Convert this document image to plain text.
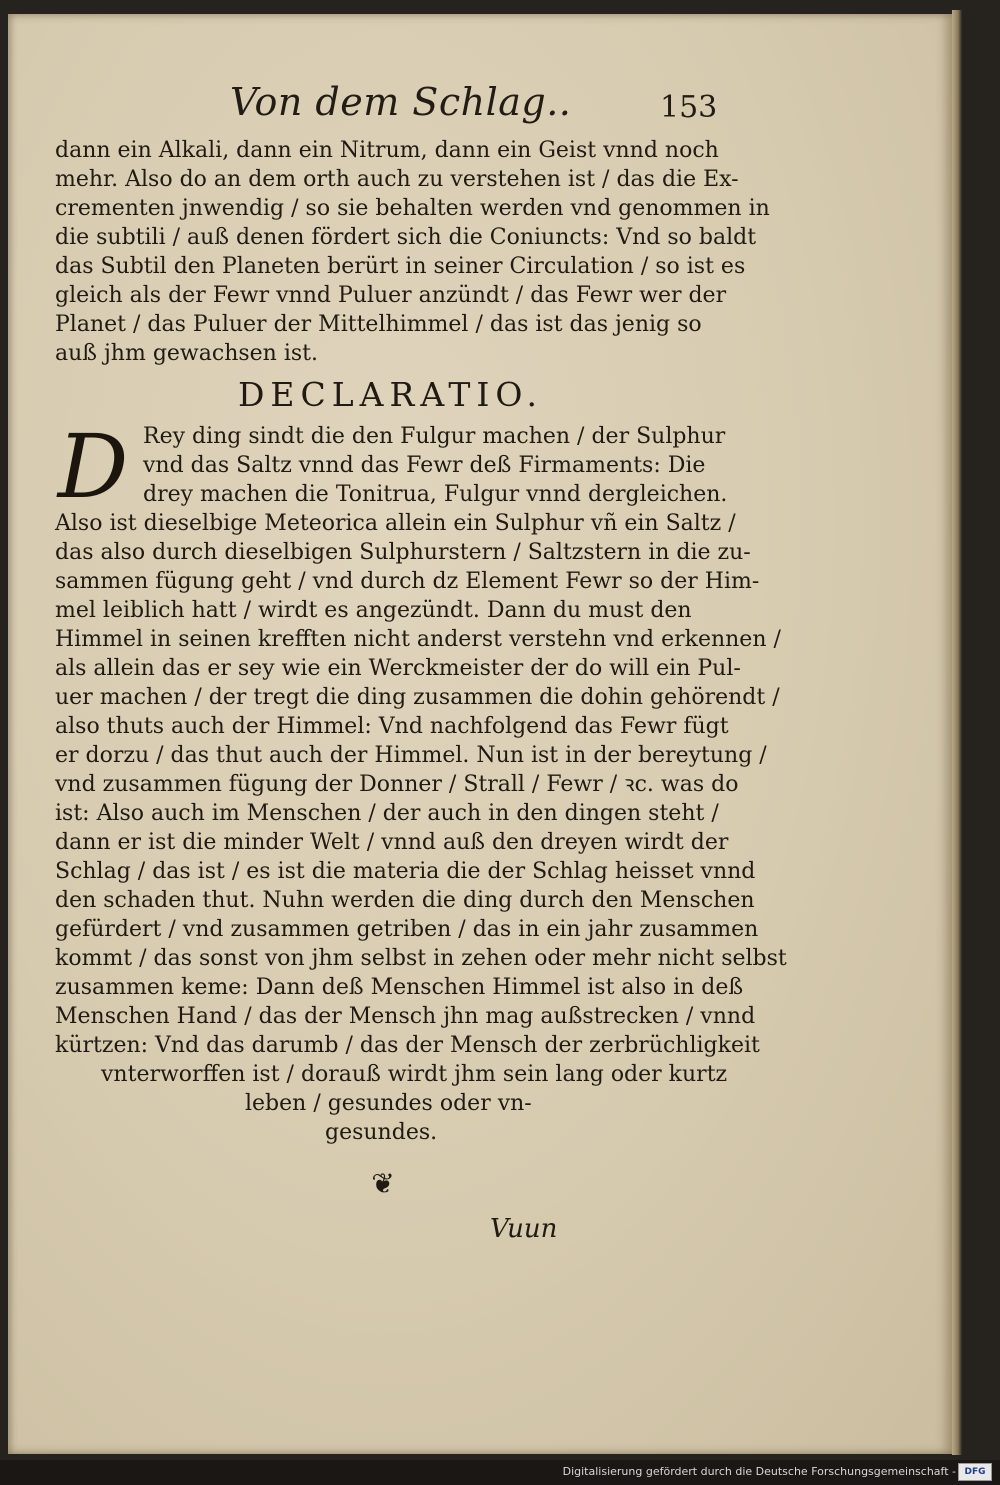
Von dem Schlag..	153
dann ein Alkali, dann ein Nitrum, dann ein Geist vnnd noch
mehr. Also do an dem orth auch zu verstehen ist / das die Ex-
crementen jnwendig / so sie behalten werden vnd genommen in
die subtili / auß denen fördert sich die Coniuncts: Vnd so baldt
das Subtil den Planeten berürt in seiner Circulation / so ist es
gleich als der Fewr vnnd Puluer anzündt / das Fewr wer der
Planet / das Puluer der Mittelhimmel / das ist das jenig so
auß jhm gewachsen ist.
DECLARATIO.
D Rey ding sindt die den Fulgur machen / der Sulphur
vnd das Saltz vnnd das Fewr deß Firmaments: Die
drey machen die Tonitrua, Fulgur vnnd dergleichen.
Also ist dieselbige Meteorica allein ein Sulphur vñ ein Saltz /
das also durch dieselbigen Sulphurstern / Saltzstern in die zu-
sammen fügung geht / vnd durch dz Element Fewr so der Him-
mel leiblich hatt / wirdt es angezündt. Dann du must den
Himmel in seinen krefften nicht anderst verstehn vnd erkennen /
als allein das er sey wie ein Werckmeister der do will ein Pul-
uer machen / der tregt die ding zusammen die dohin gehörendt /
also thuts auch der Himmel: Vnd nachfolgend das Fewr fügt
er dorzu / das thut auch der Himmel. Nun ist in der bereytung /
vnd zusammen fügung der Donner / Strall / Fewr / ꝛc. was do
ist: Also auch im Menschen / der auch in den dingen steht /
dann er ist die minder Welt / vnnd auß den dreyen wirdt der
Schlag / das ist / es ist die materia die der Schlag heisset vnnd
den schaden thut. Nuhn werden die ding durch den Menschen
gefürdert / vnd zusammen getriben / das in ein jahr zusammen
kommt / das sonst von jhm selbst in zehen oder mehr nicht selbst
zusammen keme: Dann deß Menschen Himmel ist also in deß
Menschen Hand / das der Mensch jhn mag außstrecken / vnnd
kürtzen: Vnd das darumb / das der Mensch der zerbrüchligkeit
vnterworffen ist / dorauß wirdt jhm sein lang oder kurtz
leben / gesundes oder vn-
gesundes.
❦
Vuun
Digitalisierung gefördert durch die Deutsche Forschungsgemeinschaft - DFG
